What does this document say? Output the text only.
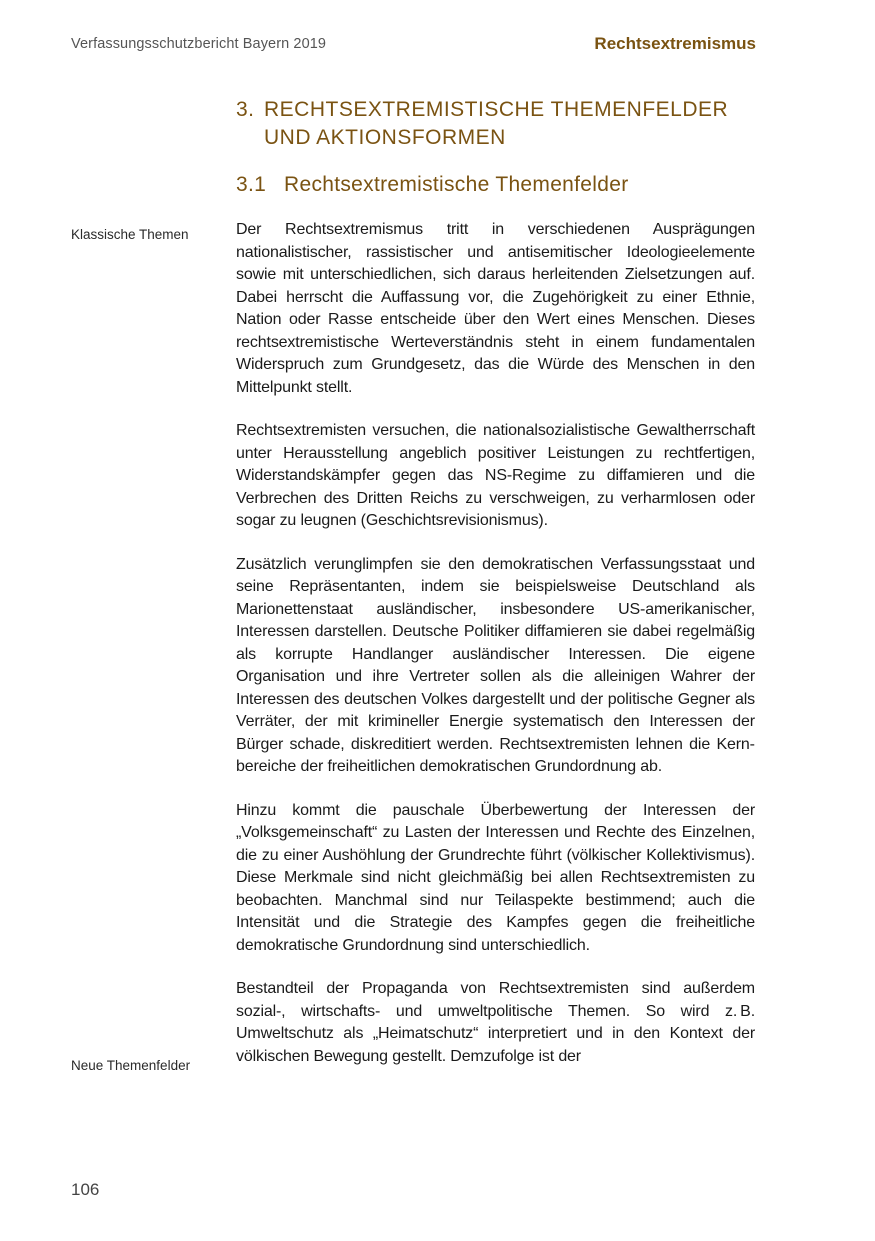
Verfassungsschutzbericht Bayern 2019	Rechtsextremismus
3. RECHTSEXTREMISTISCHE THEMENFELDER
UND AKTIONSFORMEN
3.1 Rechtsextremistische Themenfelder
Klassische Themen
Neue Themenfelder

Der Rechtsextremismus tritt in verschiedenen Ausprägungen nationalistischer, rassistischer und antisemitischer Ideologieelemente sowie mit unterschiedlichen, sich daraus herleitenden Zielsetzungen auf. Dabei herrscht die Auffassung vor, die Zugehörigkeit zu einer Ethnie, Nation oder Rasse entscheide über den Wert eines Menschen. Dieses rechtsextremistische Werteverständnis steht in einem fundamentalen Widerspruch zum Grundgesetz, das die Würde des Menschen in den Mittelpunkt stellt.

Rechtsextremisten versuchen, die nationalsozialistische Gewaltherrschaft unter Herausstellung angeblich positiver Leistungen zu rechtfertigen, Widerstandskämpfer gegen das NS-Regime zu diffamieren und die Verbrechen des Dritten Reichs zu verschweigen, zu verharmlosen oder sogar zu leugnen (Geschichtsrevisionismus).

Zusätzlich verunglimpfen sie den demokratischen Verfassungsstaat und seine Repräsentanten, indem sie beispielsweise Deutschland als Marionettenstaat ausländischer, insbesondere US-amerikanischer, Interessen darstellen. Deutsche Politiker diffamieren sie dabei regelmäßig als korrupte Handlanger ausländischer Interessen. Die eigene Organisation und ihre Vertreter sollen als die alleinigen Wahrer der Interessen des deutschen Volkes dargestellt und der politische Gegner als Verräter, der mit krimineller Energie systematisch den Interessen der Bürger schade, diskreditiert werden. Rechtsextremisten lehnen die Kernbereiche der freiheitlichen demokratischen Grundordnung ab.

Hinzu kommt die pauschale Überbewertung der Interessen der „Volksgemeinschaft“ zu Lasten der Interessen und Rechte des Einzelnen, die zu einer Aushöhlung der Grundrechte führt (völkischer Kollektivismus). Diese Merkmale sind nicht gleichmäßig bei allen Rechtsextremisten zu beobachten. Manchmal sind nur Teilaspekte bestimmend; auch die Intensität und die Strategie des Kampfes gegen die freiheitliche demokratische Grundordnung sind unterschiedlich.

Bestandteil der Propaganda von Rechtsextremisten sind außerdem sozial-, wirtschafts- und umweltpolitische Themen. So wird z. B. Umweltschutz als „Heimatschutz“ interpretiert und in den Kontext der völkischen Bewegung gestellt. Demzufolge ist der

106
